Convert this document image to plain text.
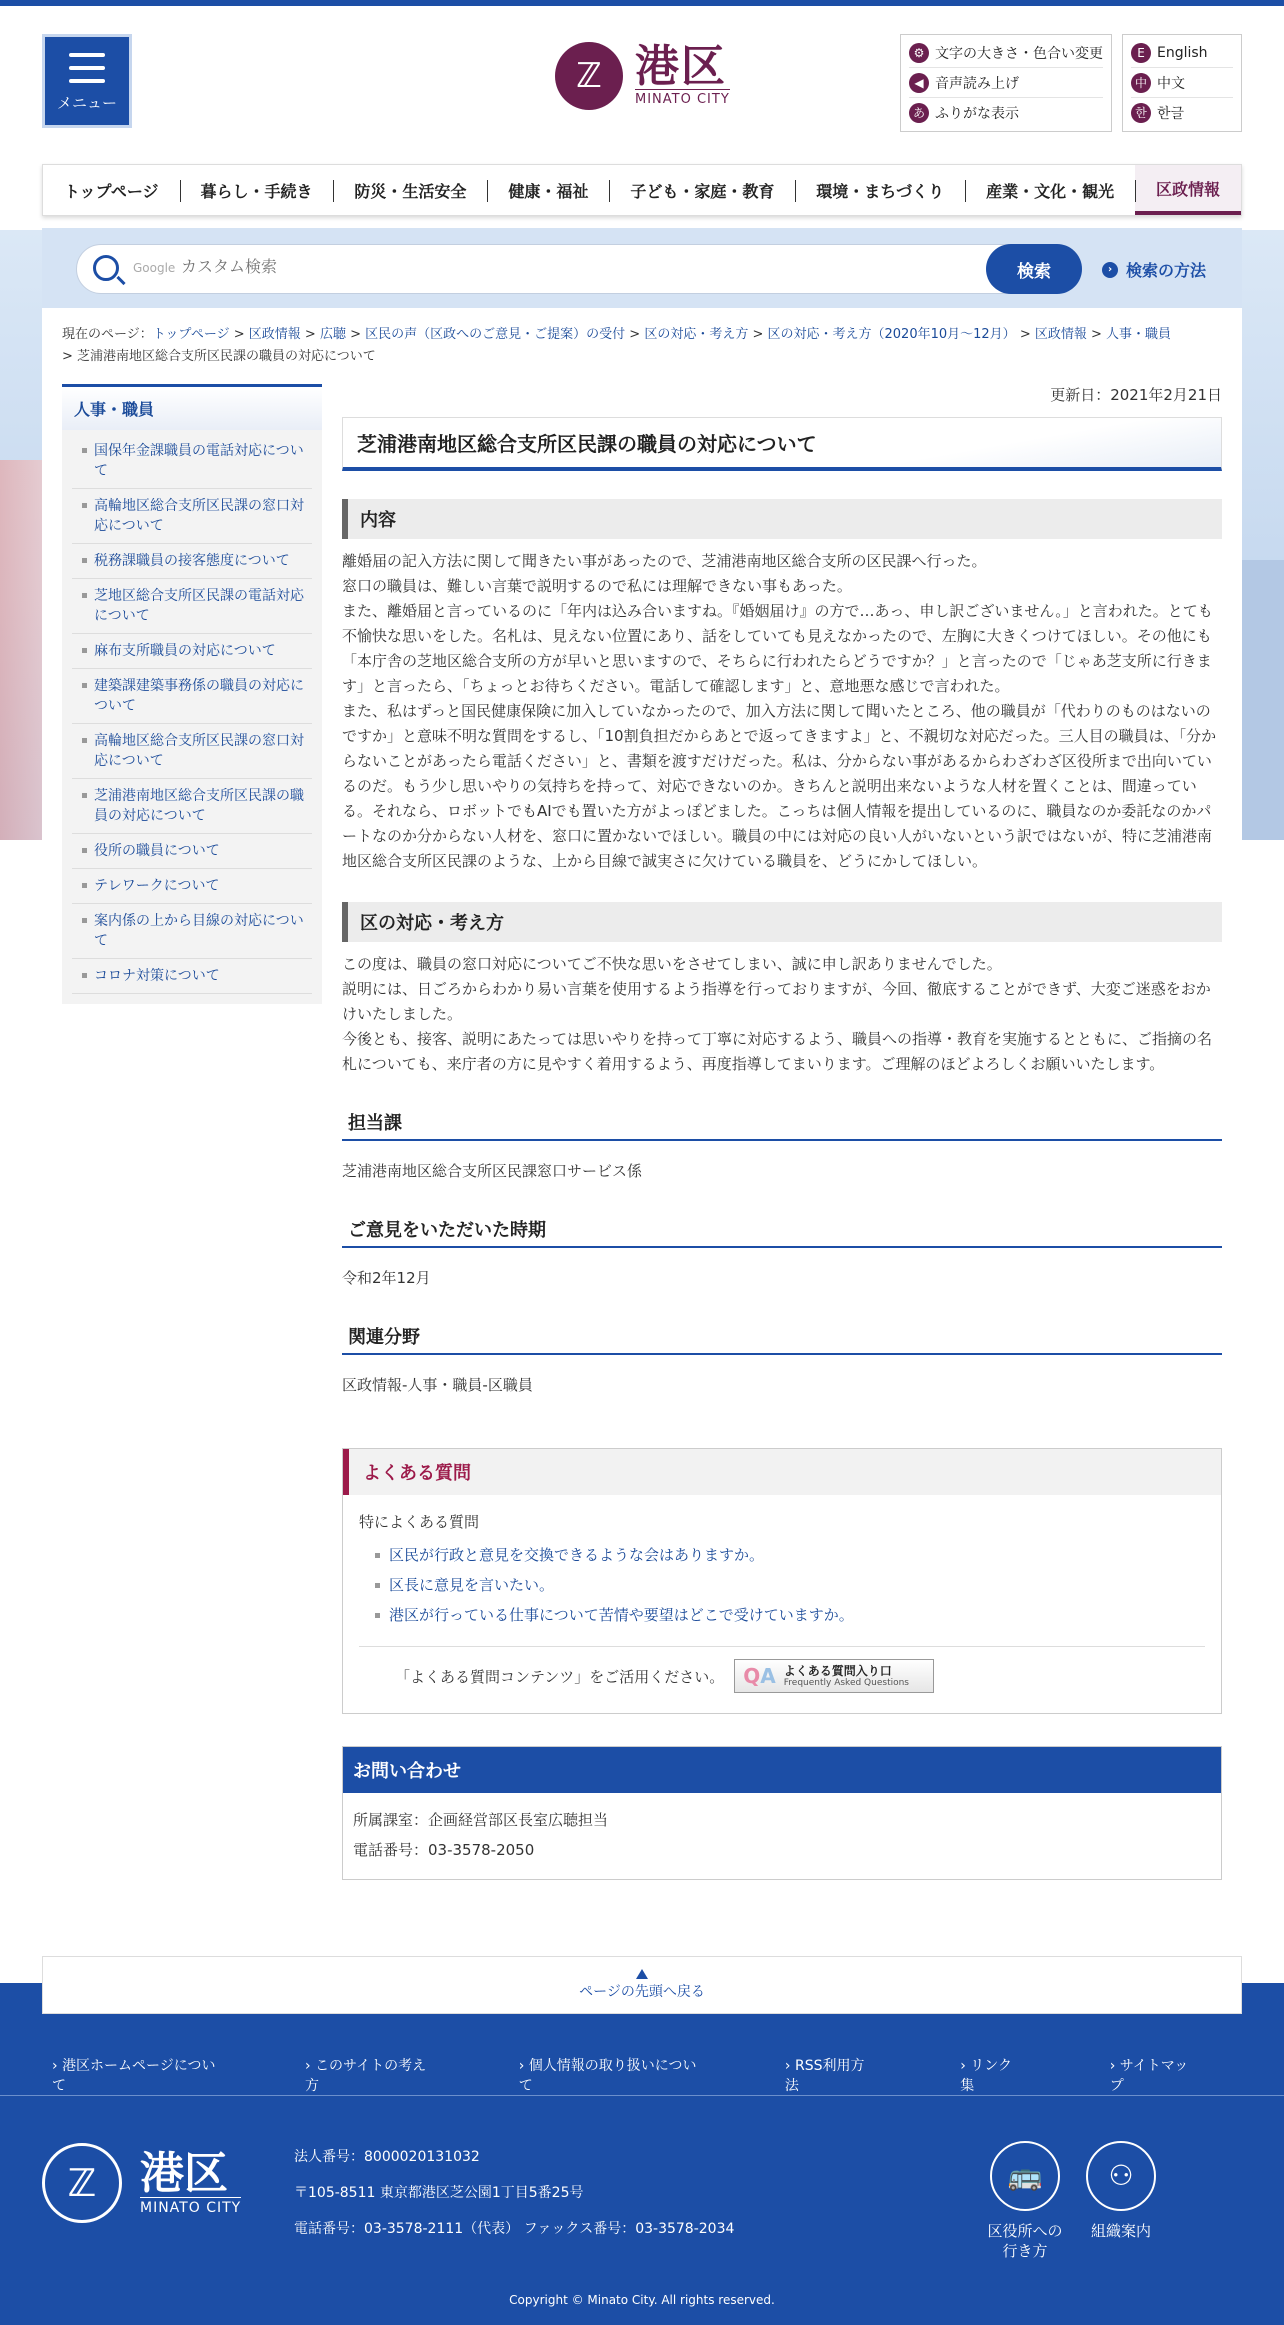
メニュー
ℤ 港区
MINATO CITY
⚙ 文字の大きさ・色合い変更
◀ 音声読み上げ
あ ふりがな表示
E English
中 中文
한 한글
トップページ	暮らし・手続き	防災・生活安全	健康・福祉	子ども・家庭・教育	環境・まちづくり	産業・文化・観光	区政情報
Google
カスタム検索	検索	› 検索の方法
現在のページ：トップページ > 区政情報 > 広聴 > 区民の声（区政へのご意見・ご提案）の受付 > 区の対応・考え方 > 区の対応・考え方（2020年10月～12月） > 区政情報 > 人事・職員
> 芝浦港南地区総合支所区民課の職員の対応について
人事・職員
国保年金課職員の電話対応について
高輪地区総合支所区民課の窓口対応について
税務課職員の接客態度について
芝地区総合支所区民課の電話対応について
麻布支所職員の対応について
建築課建築事務係の職員の対応について
高輪地区総合支所区民課の窓口対応について
芝浦港南地区総合支所区民課の職員の対応について
役所の職員について
テレワークについて
案内係の上から目線の対応について
コロナ対策について
更新日：2021年2月21日
芝浦港南地区総合支所区民課の職員の対応について
内容
離婚届の記入方法に関して聞きたい事があったので、芝浦港南地区総合支所の区民課へ行った。
窓口の職員は、難しい言葉で説明するので私には理解できない事もあった。
また、離婚届と言っているのに「年内は込み合いますね。『婚姻届け』の方で…あっ、申し訳ございません。」と言われた。とても不愉快な思いをした。名札は、見えない位置にあり、話をしていても見えなかったので、左胸に大きくつけてほしい。その他にも「本庁舎の芝地区総合支所の方が早いと思いますので、そちらに行われたらどうですか？」と言ったので「じゃあ芝支所に行きます」と言ったら、「ちょっとお待ちください。電話して確認します」と、意地悪な感じで言われた。
また、私はずっと国民健康保険に加入していなかったので、加入方法に関して聞いたところ、他の職員が「代わりのものはないのですか」と意味不明な質問をするし、「10割負担だからあとで返ってきますよ」と、不親切な対応だった。三人目の職員は、「分からないことがあったら電話ください」と、書類を渡すだけだった。私は、分からない事があるからわざわざ区役所まで出向いているのだ。もう少し思いやりの気持ちを持って、対応できないのか。きちんと説明出来ないような人材を置くことは、間違っている。それなら、ロボットでもAIでも置いた方がよっぽどました。こっちは個人情報を提出しているのに、職員なのか委託なのかパートなのか分からない人材を、窓口に置かないでほしい。職員の中には対応の良い人がいないという訳ではないが、特に芝浦港南地区総合支所区民課のような、上から目線で誠実さに欠けている職員を、どうにかしてほしい。
区の対応・考え方
この度は、職員の窓口対応についてご不快な思いをさせてしまい、誠に申し訳ありませんでした。
説明には、日ごろからわかり易い言葉を使用するよう指導を行っておりますが、今回、徹底することができず、大変ご迷惑をおかけいたしました。
今後とも、接客、説明にあたっては思いやりを持って丁寧に対応するよう、職員への指導・教育を実施するとともに、ご指摘の名札についても、来庁者の方に見やすく着用するよう、再度指導してまいります。ご理解のほどよろしくお願いいたします。
担当課
芝浦港南地区総合支所区民課窓口サービス係
ご意見をいただいた時期
令和2年12月
関連分野
区政情報-人事・職員-区職員
よくある質問
特によくある質問
区民が行政と意見を交換できるような会はありますか。
区長に意見を言いたい。
港区が行っている仕事について苦情や要望はどこで受けていますか。
「よくある質問コンテンツ」をご活用ください。 Q A よくある質問入り口
Frequently Asked Questions
お問い合わせ
所属課室：企画経営部区長室広聴担当
電話番号：03-3578-2050
› 港区ホームページについて
› このサイトの考え方
› 個人情報の取り扱いについて
› RSS利用方法
› リンク集
› サイトマップ
ℤ 港区
MINATO CITY
法人番号：8000020131032
〒105-8511 東京都港区芝公園1丁目5番25号
電話番号：03-3578-2111（代表） ファックス番号：03-3578-2034
🚌
区役所への
行き方
⚇
組織案内
Copyright © Minato City. All rights reserved.
ページの先頭へ戻る
